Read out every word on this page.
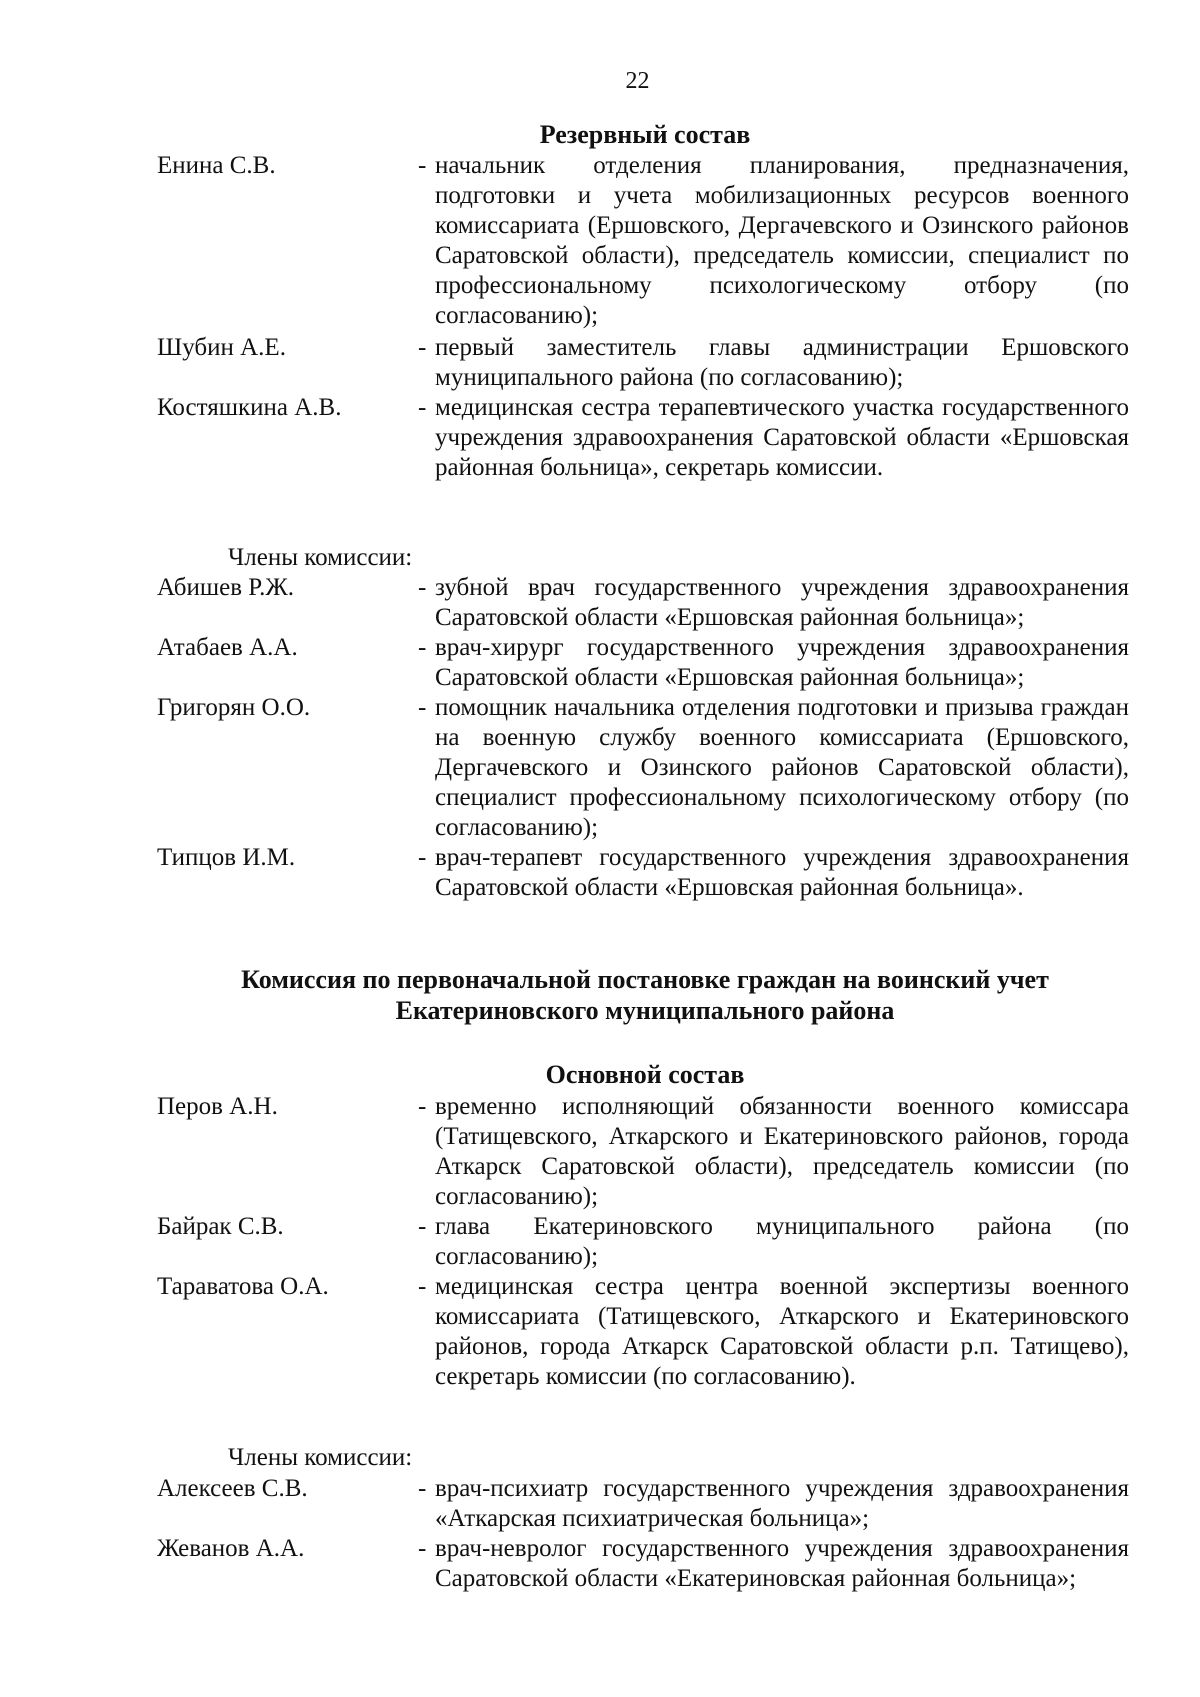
22
Резервный состав
Енина С.В.	- начальник отделения планирования, предназначения, подготовки и учета мобилизационных ресурсов военного комиссариата (Ершовского, Дергачевского и Озинского районов Саратовской области), председатель комиссии, специалист по профессиональному психологическому отбору (по согласованию);
Шубин А.Е.	- первый заместитель главы администрации Ершовского муниципального района (по согласованию);
Костяшкина А.В.	- медицинская сестра терапевтического участка государственного учреждения здравоохранения Саратовской области «Ершовская районная больница», секретарь комиссии.
Члены комиссии:
Абишев Р.Ж.	- зубной врач государственного учреждения здравоохранения Саратовской области «Ершовская районная больница»;
Атабаев А.А.	- врач-хирург государственного учреждения здравоохранения Саратовской области «Ершовская районная больница»;
Григорян О.О.	- помощник начальника отделения подготовки и призыва граждан на военную службу военного комиссариата (Ершовского, Дергачевского и Озинского районов Саратовской области), специалист профессиональному психологическому отбору (по согласованию);
Типцов И.М.	- врач-терапевт государственного учреждения здравоохранения Саратовской области «Ершовская районная больница».
Комиссия по первоначальной постановке граждан на воинский учет
Екатериновского муниципального района
Основной состав
Перов А.Н.	- временно исполняющий обязанности военного комиссара (Татищевского, Аткарского и Екатериновского районов, города Аткарск Саратовской области), председатель комиссии (по согласованию);
Байрак С.В.	- глава Екатериновского муниципального района (по согласованию);
Тараватова О.А.	- медицинская сестра центра военной экспертизы военного комиссариата (Татищевского, Аткарского и Екатериновского районов, города Аткарск Саратовской области р.п. Татищево), секретарь комиссии (по согласованию).
Члены комиссии:
Алексеев С.В.	- врач-психиатр государственного учреждения здравоохранения «Аткарская психиатрическая больница»;
Жеванов А.А.	- врач-невролог государственного учреждения здравоохранения Саратовской области «Екатериновская районная больница»;
